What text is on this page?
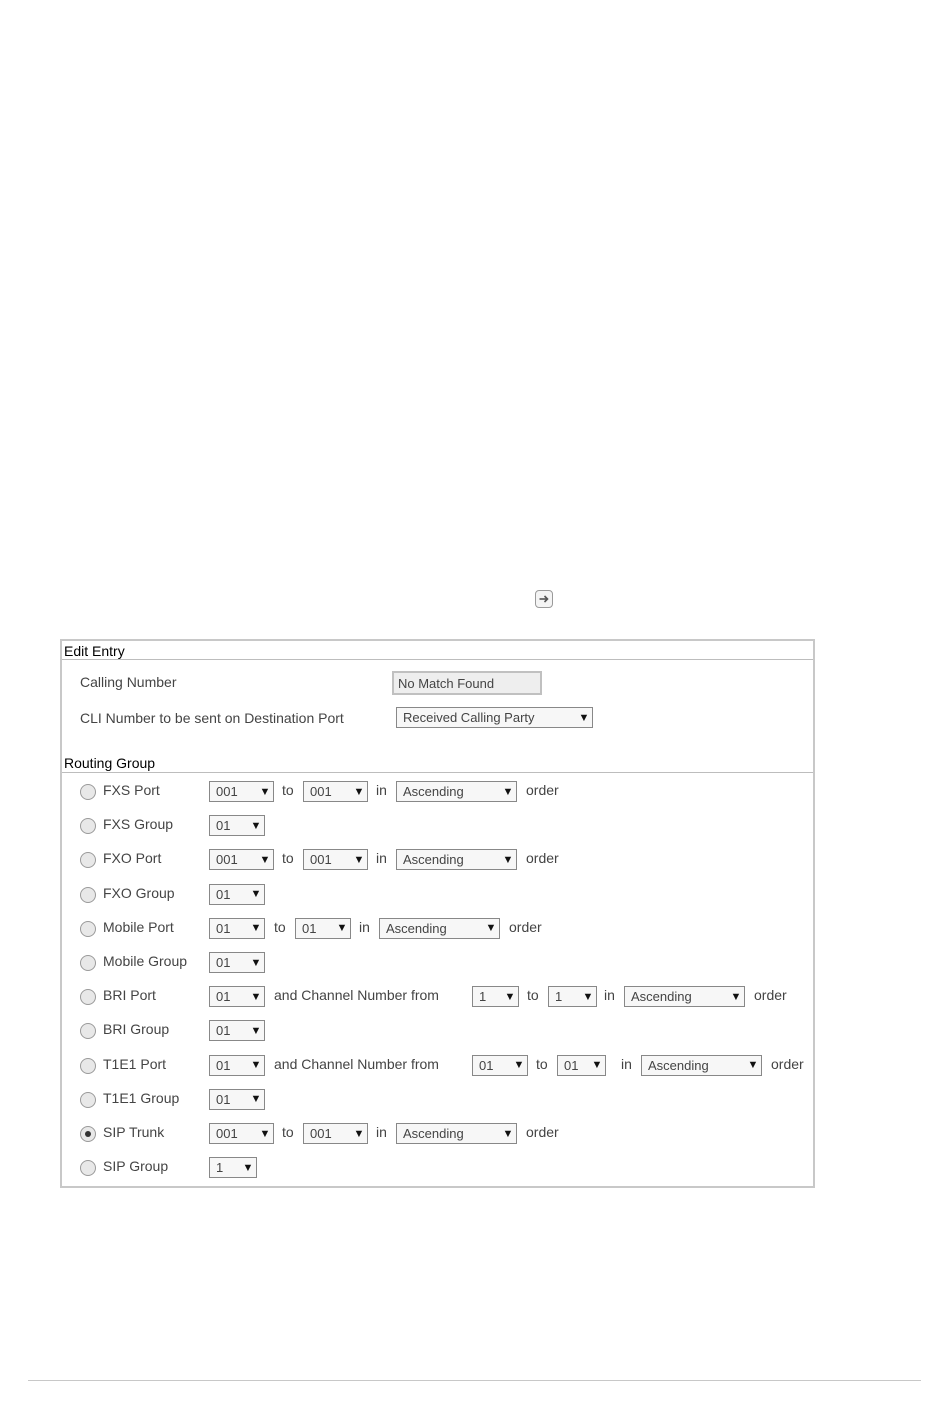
Edit Entry
Calling Number	No Match Found
CLI Number to be sent on Destination Port	Received Calling Party	▼
Routing Group
FXS Port	001	▼ to 001	▼ in Ascending	▼ order
FXS Group	01	▼
FXO Port	001	▼ to 001	▼ in Ascending	▼ order
FXO Group	01	▼
Mobile Port	01	▼ to 01	▼ in Ascending	▼ order
Mobile Group 01	▼
BRI Port	01	▼ and Channel Number from	1	▼ to 1	▼ in Ascending	▼ order
BRI Group	01	▼
T1E1 Port	01	▼ and Channel Number from	01	▼ to 01	▼ in Ascending	▼ order
T1E1 Group	01	▼
SIP Trunk	001	▼ to 001	▼ in Ascending	▼ order
SIP Group	1	▼
